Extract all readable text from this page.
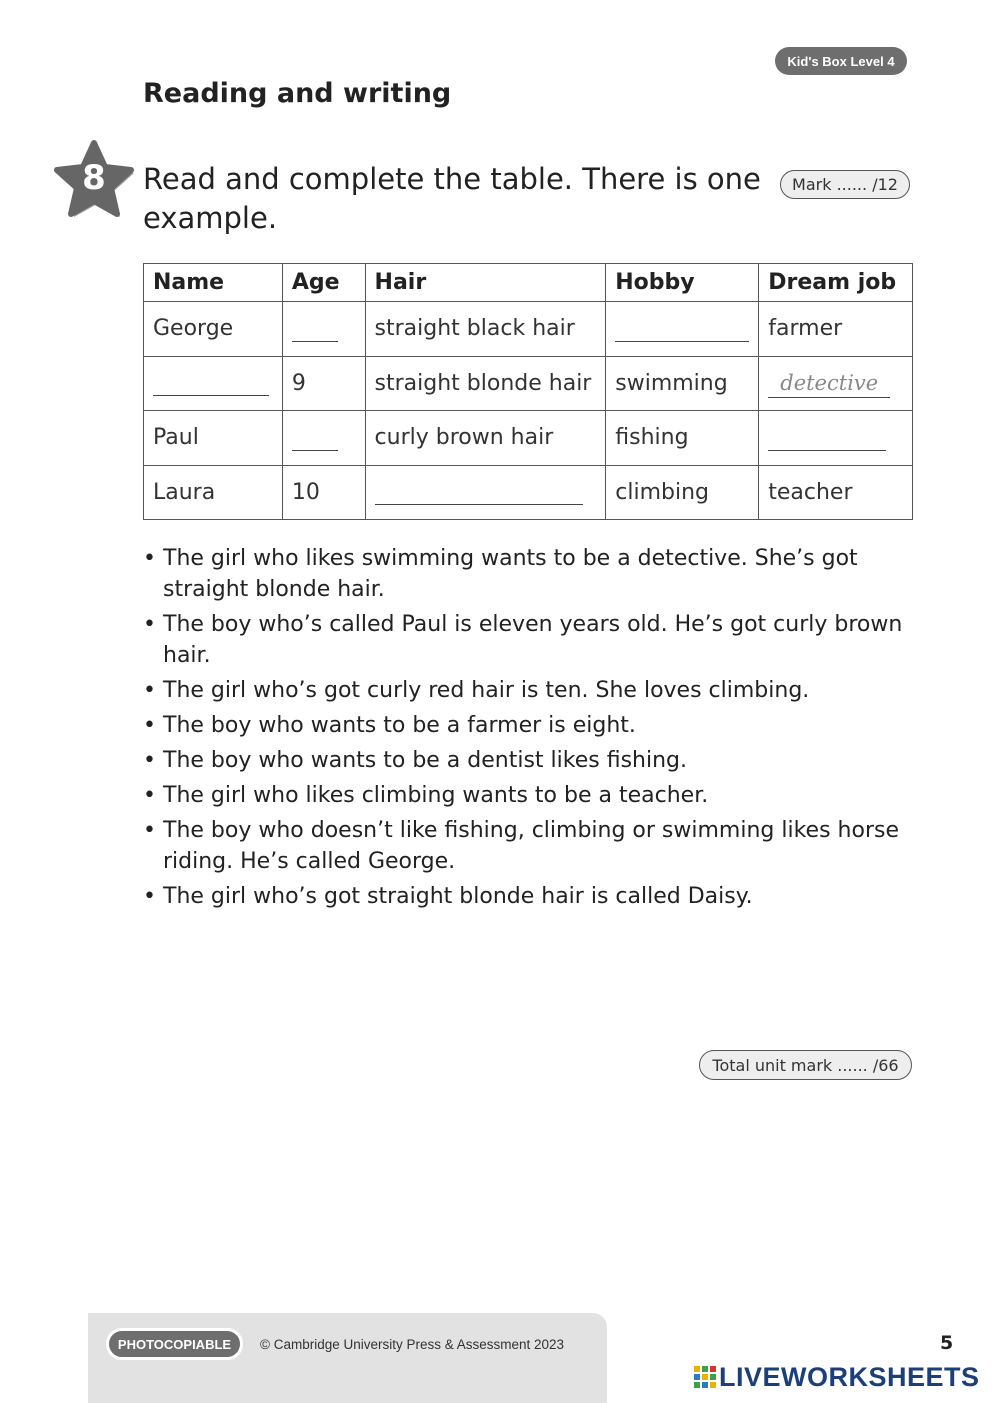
Kid's Box Level 4
Reading and writing
8	Read and complete the table. There is one example.
Mark ...... /12
Name	Age	Hair	Hobby	Dream job
George		straight black hair		farmer
	9	straight blonde hair	swimming	detective
Paul		curly brown hair	fishing	
Laura	10		climbing	teacher
• The girl who likes swimming wants to be a detective. She’s got straight blonde hair.
• The boy who’s called Paul is eleven years old. He’s got curly brown hair.
• The girl who’s got curly red hair is ten. She loves climbing.
• The boy who wants to be a farmer is eight.
• The boy who wants to be a dentist likes fishing.
• The girl who likes climbing wants to be a teacher.
• The boy who doesn’t like fishing, climbing or swimming likes horse riding. He’s called George.
• The girl who’s got straight blonde hair is called Daisy.
Total unit mark ...... /66
PHOTOCOPIABLE	© Cambridge University Press & Assessment 2023	5
LIVEWORKSHEETS
